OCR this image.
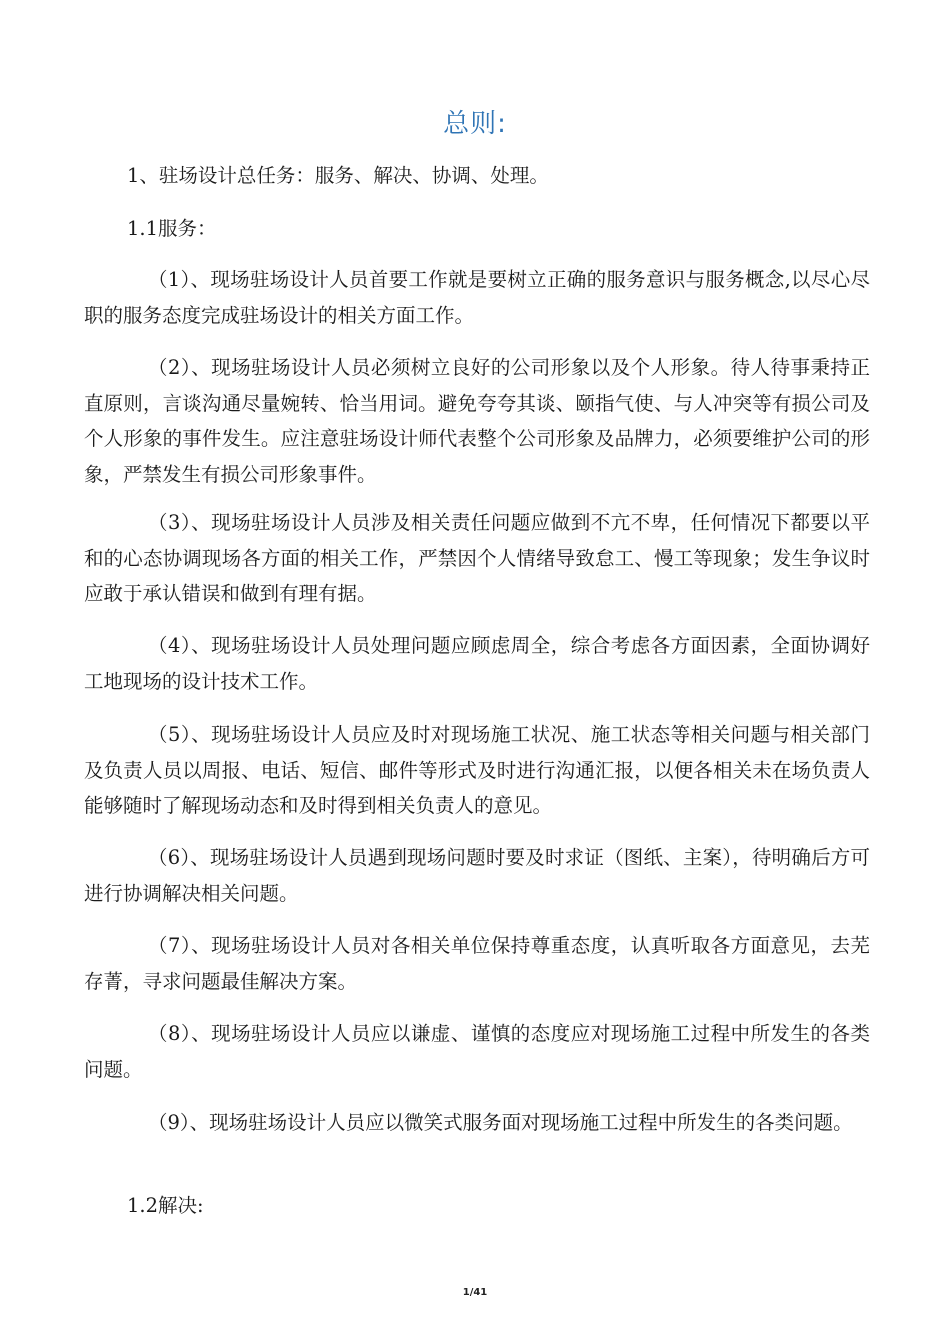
总则:
1、驻场设计总任务：服务、解决、协调、处理。
1.1服务：
（1）、现场驻场设计人员首要工作就是要树立正确的服务意识与服务概念,以尽心尽职的服务态度完成驻场设计的相关方面工作。
（2）、现场驻场设计人员必须树立良好的公司形象以及个人形象。待人待事秉持正直原则，言谈沟通尽量婉转、恰当用词。避免夸夸其谈、颐指气使、与人冲突等有损公司及个人形象的事件发生。应注意驻场设计师代表整个公司形象及品牌力，必须要维护公司的形象，严禁发生有损公司形象事件。
（3）、现场驻场设计人员涉及相关责任问题应做到不亢不卑，任何情况下都要以平和的心态协调现场各方面的相关工作，严禁因个人情绪导致怠工、慢工等现象；发生争议时应敢于承认错误和做到有理有据。
（4）、现场驻场设计人员处理问题应顾虑周全，综合考虑各方面因素，全面协调好工地现场的设计技术工作。
（5）、现场驻场设计人员应及时对现场施工状况、施工状态等相关问题与相关部门及负责人员以周报、电话、短信、邮件等形式及时进行沟通汇报，以便各相关未在场负责人能够随时了解现场动态和及时得到相关负责人的意见。
（6）、现场驻场设计人员遇到现场问题时要及时求证（图纸、主案），待明确后方可进行协调解决相关问题。
（7）、现场驻场设计人员对各相关单位保持尊重态度，认真听取各方面意见，去芜存菁，寻求问题最佳解决方案。
（8）、现场驻场设计人员应以谦虚、谨慎的态度应对现场施工过程中所发生的各类问题。
（9）、现场驻场设计人员应以微笑式服务面对现场施工过程中所发生的各类问题。
1.2解决:
1/41
